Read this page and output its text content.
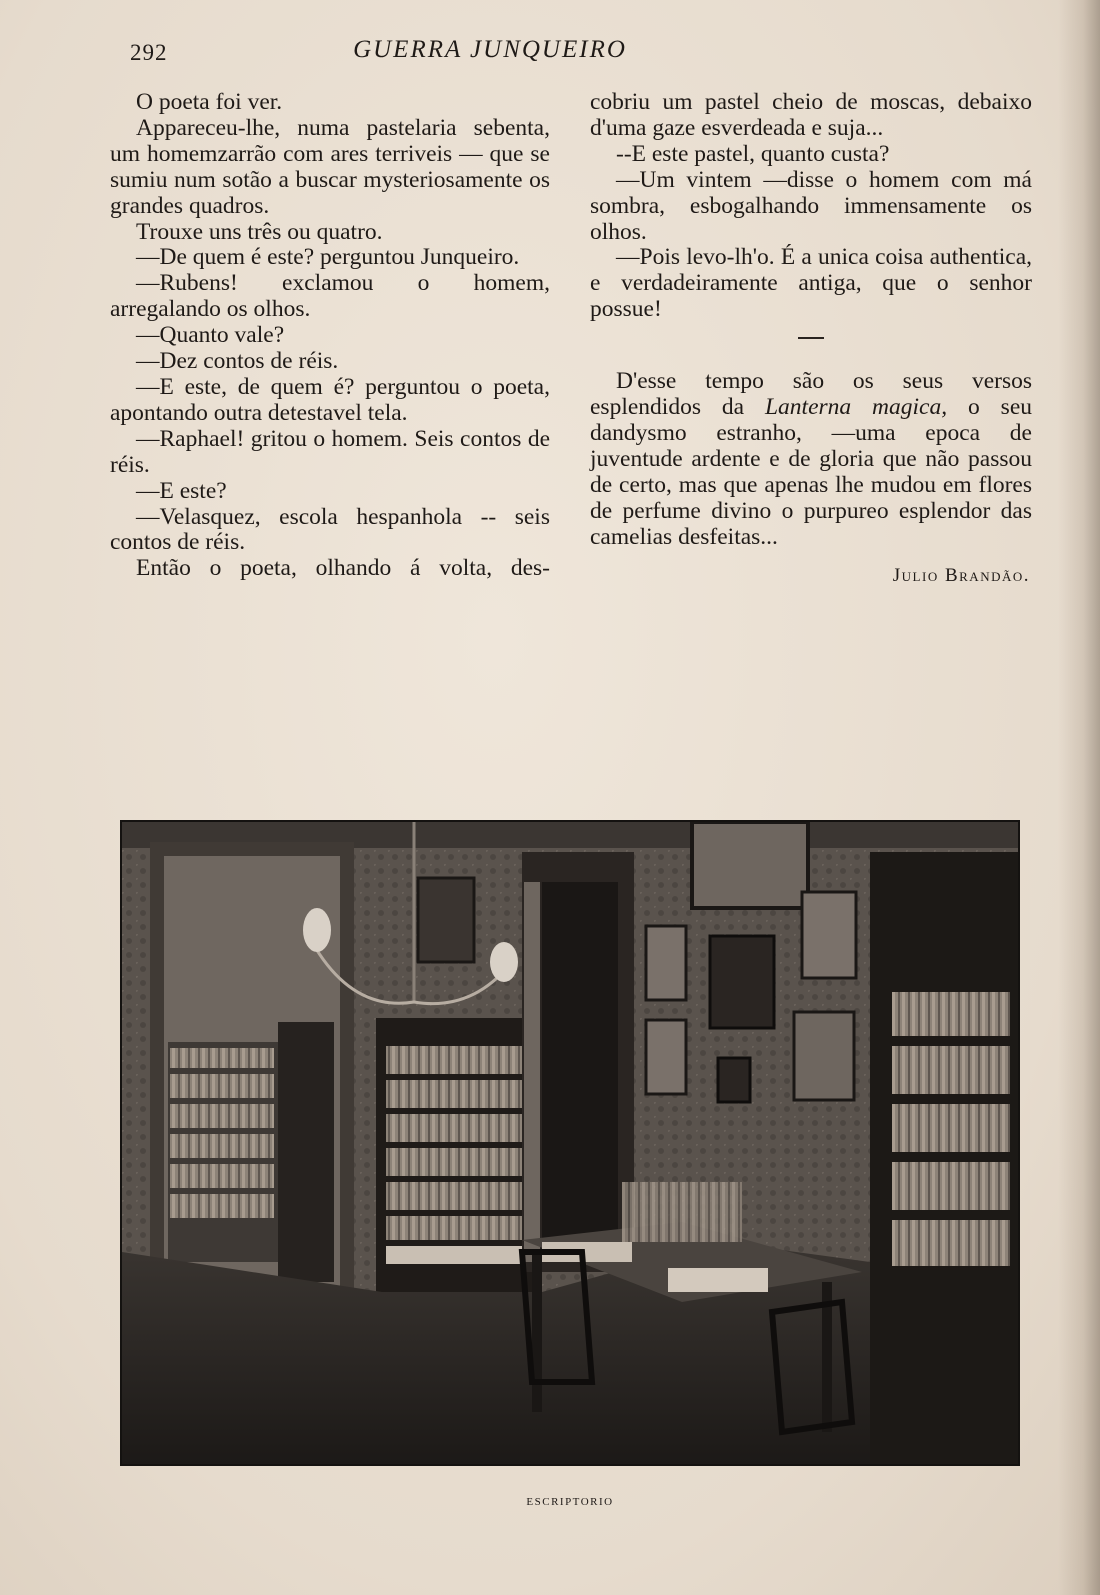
292	GUERRA JUNQUEIRO

O poeta foi ver.

Appareceu-lhe, numa pastelaria sebenta, um homemzarrão com ares terriveis — que se sumiu num sotão a buscar mysteriosamente os grandes quadros.

Trouxe uns três ou quatro.

—De quem é este? perguntou Junqueiro.

—Rubens! exclamou o homem, arregalando os olhos.

—Quanto vale?

—Dez contos de réis.

—E este, de quem é? perguntou o poeta, apontando outra detestavel tela.

—Raphael! gritou o homem. Seis contos de réis.

—E este?

—Velasquez, escola hespanhola -- seis contos de réis.

Então o poeta, olhando á volta, des-

cobriu um pastel cheio de moscas, debaixo d'uma gaze esverdeada e suja...

--E este pastel, quanto custa?

—Um vintem —disse o homem com má sombra, esbogalhando immensamente os olhos.

—Pois levo-lh'o. É a unica coisa authentica, e verdadeiramente antiga, que o senhor possue!

D'esse tempo são os seus versos esplendidos da Lanterna magica, o seu dandysmo estranho, —uma epoca de juventude ardente e de gloria que não passou de certo, mas que apenas lhe mudou em flores de perfume divino o purpureo esplendor das camelias desfeitas...

Julio Brandão.
ESCRIPTORIO
